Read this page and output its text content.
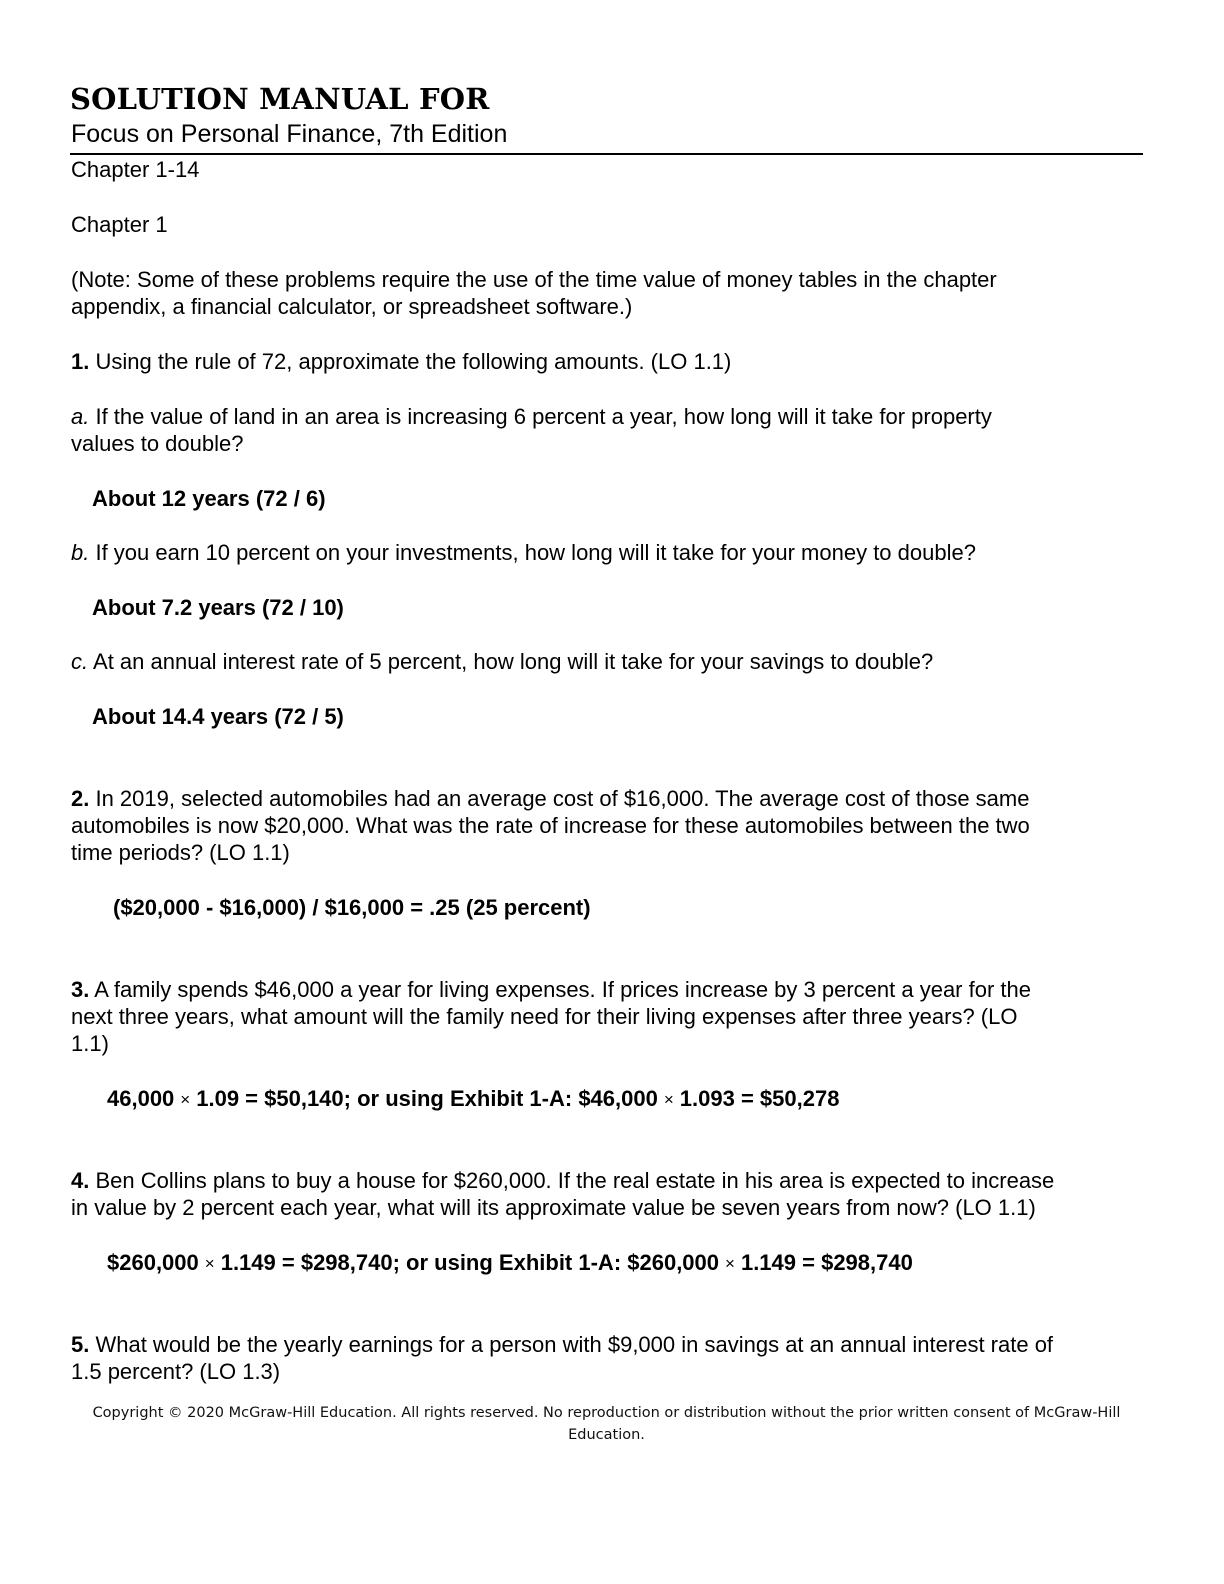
SOLUTION MANUAL FOR
Focus on Personal Finance, 7th Edition
Chapter 1-14
Chapter 1
(Note: Some of these problems require the use of the time value of money tables in the chapter
appendix, a financial calculator, or spreadsheet software.)
1. Using the rule of 72, approximate the following amounts. (LO 1.1)
a. If the value of land in an area is increasing 6 percent a year, how long will it take for property
values to double?
About 12 years (72 / 6)
b. If you earn 10 percent on your investments, how long will it take for your money to double?
About 7.2 years (72 / 10)
c. At an annual interest rate of 5 percent, how long will it take for your savings to double?
About 14.4 years (72 / 5)
2. In 2019, selected automobiles had an average cost of $16,000. The average cost of those same
automobiles is now $20,000. What was the rate of increase for these automobiles between the two
time periods? (LO 1.1)
($20,000 - $16,000) / $16,000 = .25 (25 percent)
3. A family spends $46,000 a year for living expenses. If prices increase by 3 percent a year for the
next three years, what amount will the family need for their living expenses after three years? (LO
1.1)
46,000 × 1.09 = $50,140; or using Exhibit 1-A: $46,000 × 1.093 = $50,278
4. Ben Collins plans to buy a house for $260,000. If the real estate in his area is expected to increase
in value by 2 percent each year, what will its approximate value be seven years from now? (LO 1.1)
$260,000 × 1.149 = $298,740; or using Exhibit 1-A: $260,000 × 1.149 = $298,740
5. What would be the yearly earnings for a person with $9,000 in savings at an annual interest rate of
1.5 percent? (LO 1.3)
Copyright © 2020 McGraw-Hill Education. All rights reserved. No reproduction or distribution without the prior written consent of McGraw-Hill
Education.
